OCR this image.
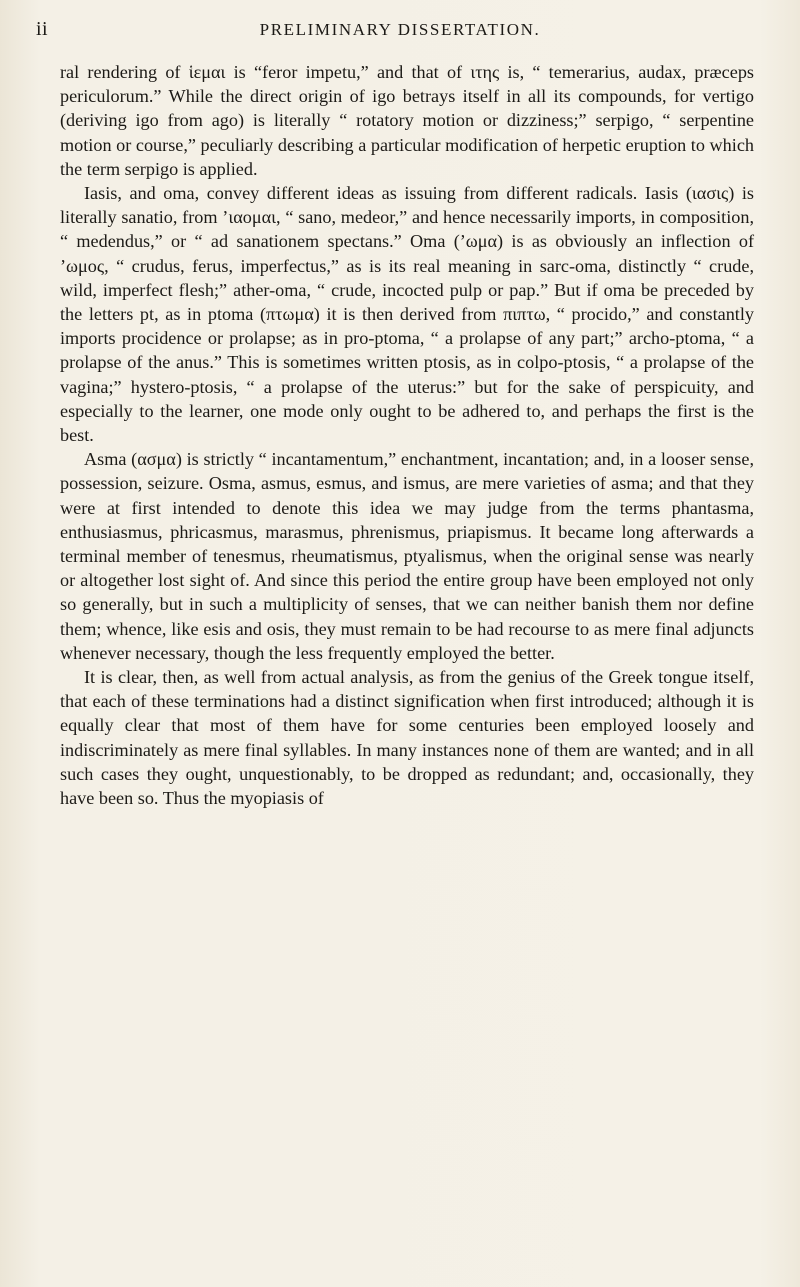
ii	PRELIMINARY DISSERTATION.

ral rendering of ἱεμαι is “feror impetu,” and that of ιτης is, “ temerarius, audax, præceps periculorum.” While the direct origin of igo betrays itself in all its compounds, for vertigo (deriving igo from ago) is literally “ rotatory motion or dizziness;” serpigo, “ serpentine motion or course,” peculiarly describing a particular modification of herpetic eruption to which the term serpigo is applied.

Iasis, and oma, convey different ideas as issuing from different radicals. Iasis (ιασις) is literally sanatio, from ’ιαομαι, “ sano, medeor,” and hence necessarily imports, in composition, “ medendus,” or “ ad sanationem spectans.” Oma (’ωμα) is as obviously an inflection of ’ωμος, “ crudus, ferus, imperfectus,” as is its real meaning in sarc-oma, distinctly “ crude, wild, imperfect flesh;” ather-oma, “ crude, incocted pulp or pap.” But if oma be preceded by the letters pt, as in ptoma (πτωμα) it is then derived from πιπτω, “ procido,” and constantly imports procidence or prolapse; as in pro-ptoma, “ a prolapse of any part;” archo-ptoma, “ a prolapse of the anus.” This is sometimes written ptosis, as in colpo-ptosis, “ a prolapse of the vagina;” hystero-ptosis, “ a prolapse of the uterus:” but for the sake of perspicuity, and especially to the learner, one mode only ought to be adhered to, and perhaps the first is the best.

Asma (ασμα) is strictly “ incantamentum,” enchantment, incantation; and, in a looser sense, possession, seizure. Osma, asmus, esmus, and ismus, are mere varieties of asma; and that they were at first intended to denote this idea we may judge from the terms phantasma, enthusiasmus, phricasmus, marasmus, phrenismus, priapismus. It became long afterwards a terminal member of tenesmus, rheumatismus, ptyalismus, when the original sense was nearly or altogether lost sight of. And since this period the entire group have been employed not only so generally, but in such a multiplicity of senses, that we can neither banish them nor define them; whence, like esis and osis, they must remain to be had recourse to as mere final adjuncts whenever necessary, though the less frequently employed the better.

It is clear, then, as well from actual analysis, as from the genius of the Greek tongue itself, that each of these terminations had a distinct signification when first introduced; although it is equally clear that most of them have for some centuries been employed loosely and indiscriminately as mere final syllables. In many instances none of them are wanted; and in all such cases they ought, unquestionably, to be dropped as redundant; and, occasionally, they have been so. Thus the myopiasis of
